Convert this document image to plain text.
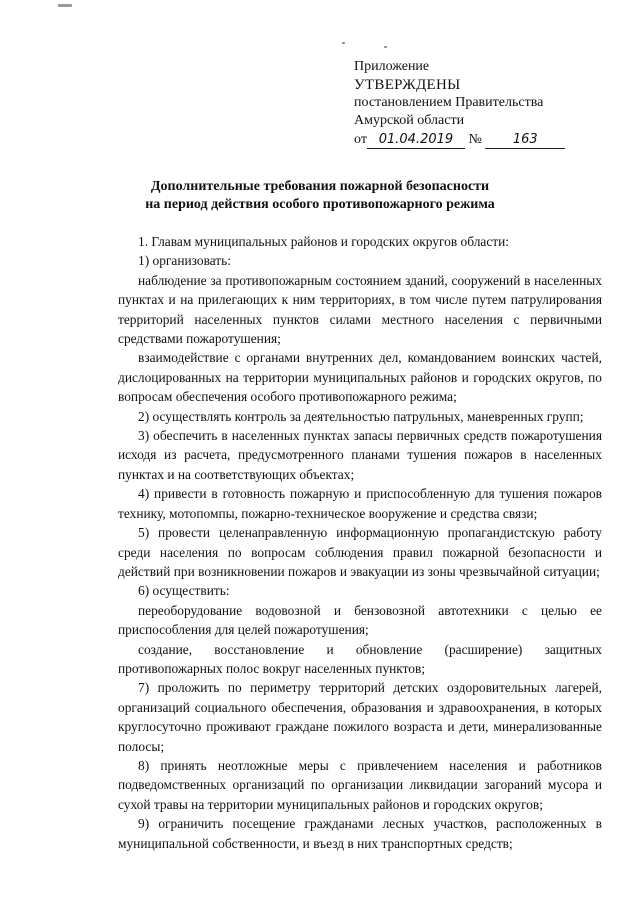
Приложение
УТВЕРЖДЕНЫ
постановлением Правительства
Амурской области
от 01.04.2019 № 163
Дополнительные требования пожарной безопасности
на период действия особого противопожарного режима

1. Главам муниципальных районов и городских округов области:

1) организовать:

наблюдение за противопожарным состоянием зданий, сооружений в населенных пунктах и на прилегающих к ним территориях, в том числе путем патрулирования территорий населенных пунктов силами местного населения с первичными средствами пожаротушения;

взаимодействие с органами внутренних дел, командованием воинских частей, дислоцированных на территории муниципальных районов и городских округов, по вопросам обеспечения особого противопожарного режима;

2) осуществлять контроль за деятельностью патрульных, маневренных групп;

3) обеспечить в населенных пунктах запасы первичных средств пожаротушения исходя из расчета, предусмотренного планами тушения пожаров в населенных пунктах и на соответствующих объектах;

4) привести в готовность пожарную и приспособленную для тушения пожаров технику, мотопомпы, пожарно-техническое вооружение и средства связи;

5) провести целенаправленную информационную пропагандистскую работу среди населения по вопросам соблюдения правил пожарной безопасности и действий при возникновении пожаров и эвакуации из зоны чрезвычайной ситуации;

6) осуществить:

переоборудование водовозной и бензовозной автотехники с целью ее приспособления для целей пожаротушения;

создание, восстановление и обновление (расширение) защитных противопожарных полос вокруг населенных пунктов;

7) проложить по периметру территорий детских оздоровительных лагерей, организаций социального обеспечения, образования и здравоохранения, в которых круглосуточно проживают граждане пожилого возраста и дети, минерализованные полосы;

8) принять неотложные меры с привлечением населения и работников подведомственных организаций по организации ликвидации загораний мусора и сухой травы на территории муниципальных районов и городских округов;

9) ограничить посещение гражданами лесных участков, расположенных в муниципальной собственности, и въезд в них транспортных средств;
